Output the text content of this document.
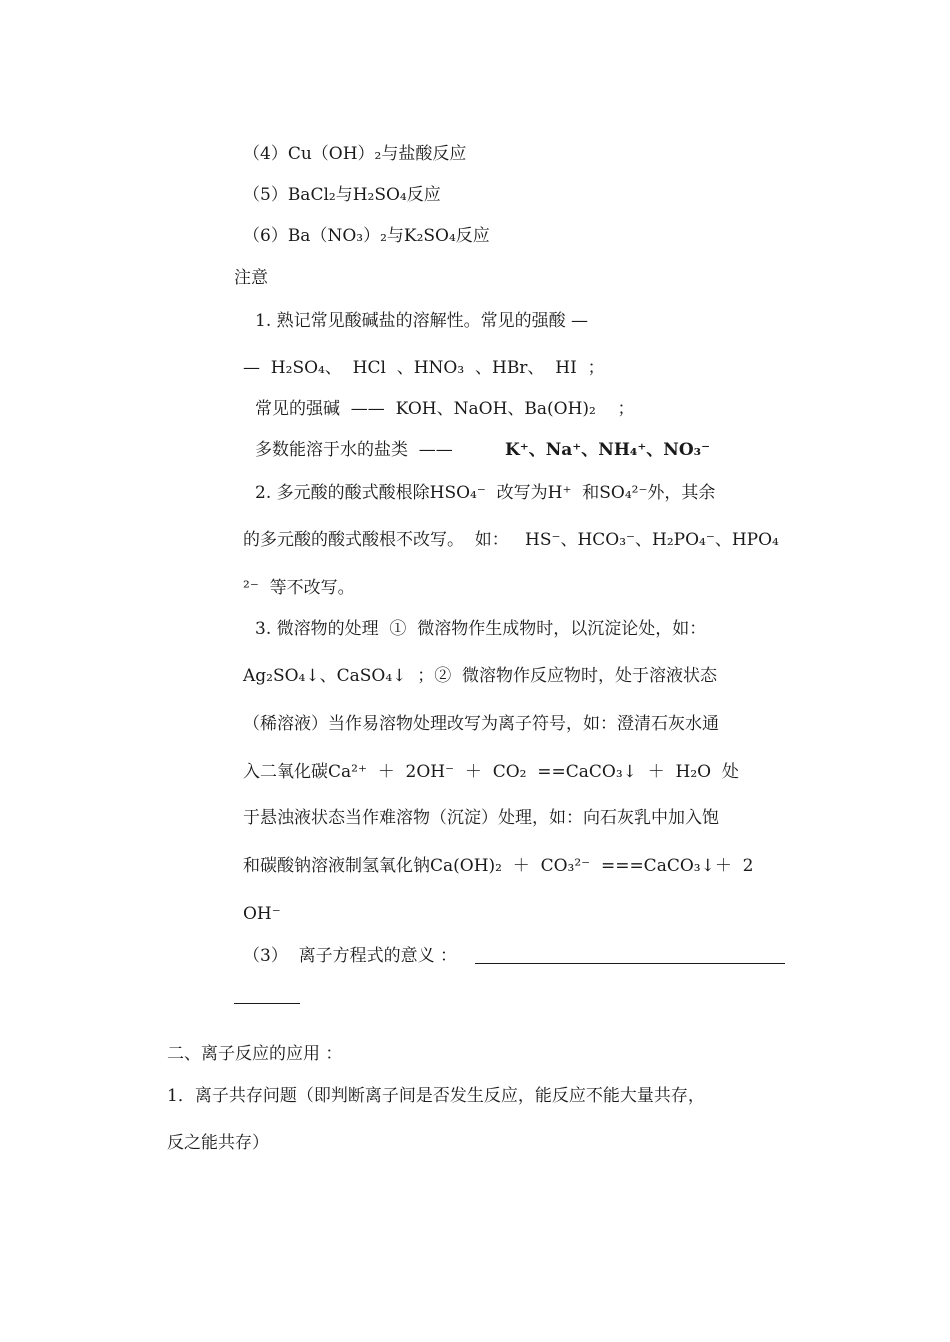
（4）Cu（OH）₂与盐酸反应
（5）BaCl₂与H₂SO₄反应
（6）Ba（NO₃）₂与K₂SO₄反应
注意
1. 熟记常见酸碱盐的溶解性。常见的强酸 —
—  H₂SO₄、  HCl  、HNO₃  、HBr、  HI  ；
常见的强碱  ——  KOH、NaOH、Ba(OH)₂    ；
多数能溶于水的盐类  —— K⁺、Na⁺、NH₄⁺、NO₃⁻
2. 多元酸的酸式酸根除HSO₄⁻  改写为H⁺  和SO₄²⁻外，其余
的多元酸的酸式酸根不改写。  如：   HS⁻、HCO₃⁻、H₂PO₄⁻、HPO₄
²⁻  等不改写。
3. 微溶物的处理  ①  微溶物作生成物时，以沉淀论处，如：
Ag₂SO₄↓、CaSO₄↓  ；②  微溶物作反应物时，处于溶液状态
（稀溶液）当作易溶物处理改写为离子符号，如：澄清石灰水通
入二氧化碳Ca²⁺  ＋  2OH⁻  ＋  CO₂  ==CaCO₃↓  ＋  H₂O  处
于悬浊液状态当作难溶物（沉淀）处理，如：向石灰乳中加入饱
和碳酸钠溶液制氢氧化钠Ca(OH)₂  ＋  CO₃²⁻  ===CaCO₃↓＋  2
OH⁻
（3）  离子方程式的意义 ：
二、离子反应的应用 ：
1．离子共存问题（即判断离子间是否发生反应，能反应不能大量共存，
反之能共存）
